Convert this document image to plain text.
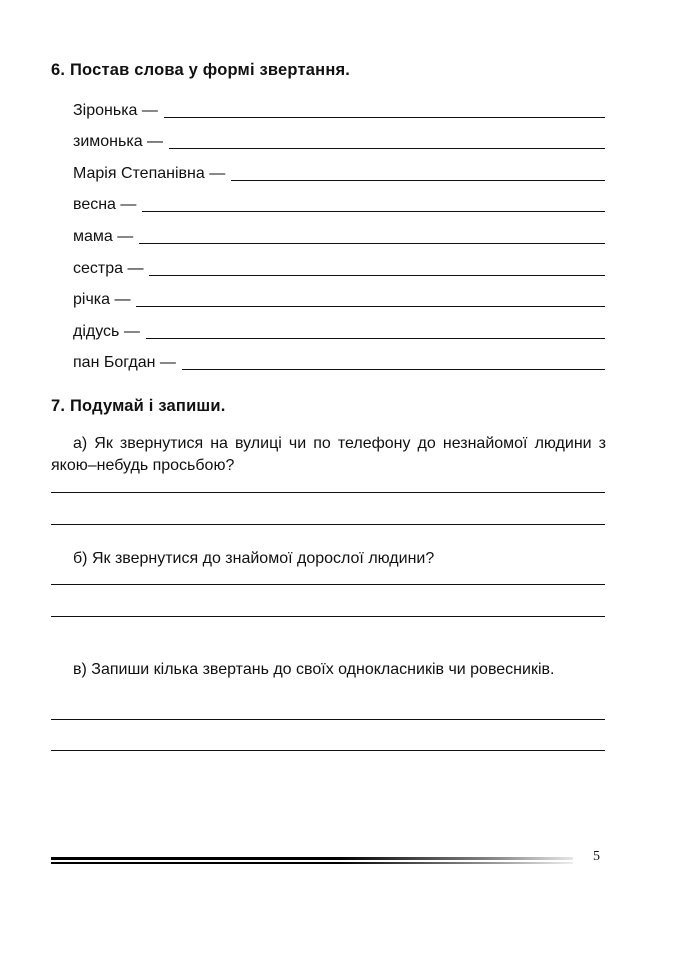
6. Постав слова у формі звертання.
Зіронька —
зимонька —
Марія Степанівна —
весна —
мама —
сестра —
річка —
дідусь —
пан Богдан —
7. Подумай і запиши.
а) Як звернутися на вулиці чи по телефону до незнайомої людини з якою–небудь просьбою?
б) Як звернутися до знайомої дорослої людини?
в) Запиши кілька звертань до своїх однокласників чи ровесників.
5
